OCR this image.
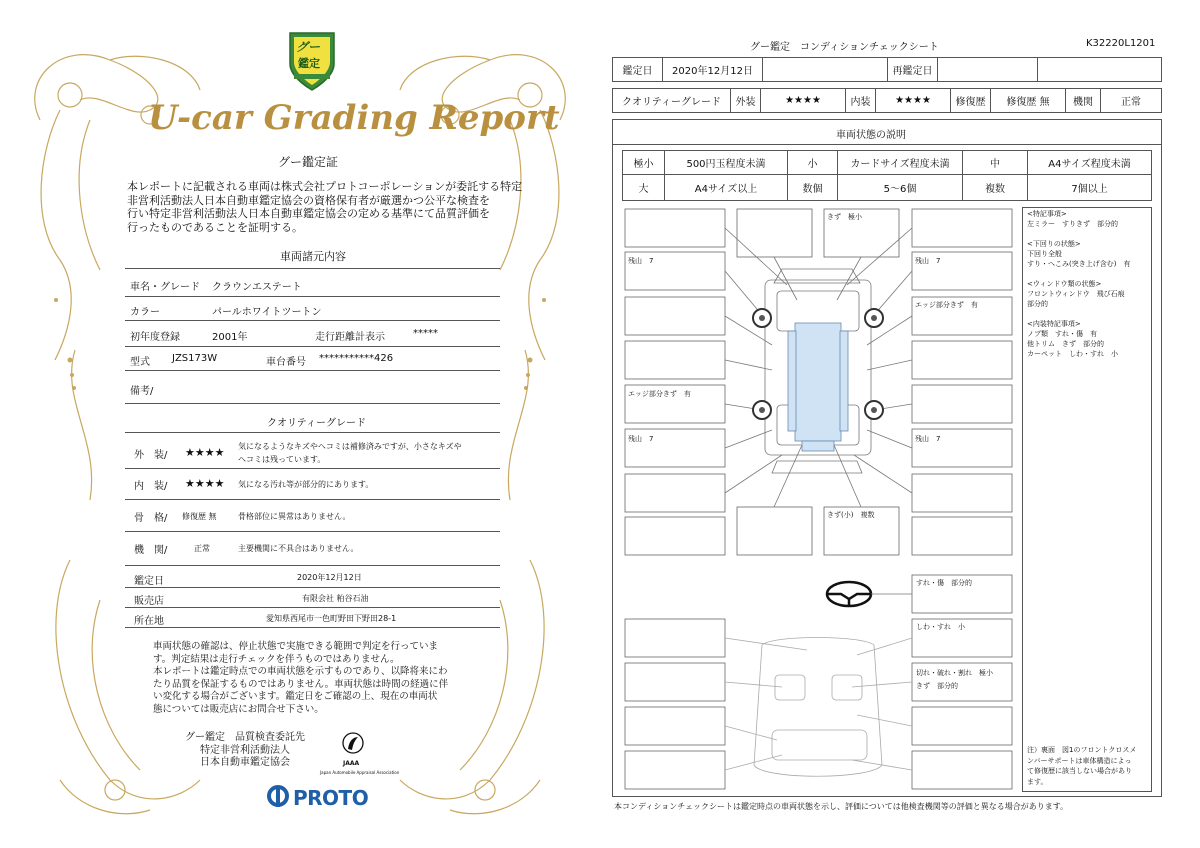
グー
鑑定
U-car Grading Report
グー鑑定証
本レポートに記載される車両は株式会社プロトコーポレーションが委託する特定
非営利活動法人日本自動車鑑定協会の資格保有者が厳選かつ公平な検査を
行い特定非営利活動法人日本自動車鑑定協会の定める基準にて品質評価を
行ったものであることを証明する。
車両諸元内容
車名・グレード クラウンエステート
カラー	パールホワイトツートン
初年度登録	2001年	走行距離計表示	*****
型式 JZS173W	車台番号 ***********426
備考/
クオリティーグレード
外　装/ ★★★★ 気になるようなキズやヘコミは補修済みですが、小さなキズや
ヘコミは残っています。
内　装/ ★★★★ 気になる汚れ等が部分的にあります。
骨　格/ 修復歴 無	骨格部位に異常はありません。
機　関/	正常	主要機関に不具合はありません。
鑑定日	2020年12月12日
販売店	有限会社 粕谷石油
所在地	愛知県西尾市一色町野田下野田28-1
車両状態の確認は、停止状態で実施できる範囲で判定を行っていま
す。判定結果は走行チェックを伴うものではありません。
本レポートは鑑定時点での車両状態を示すものであり、以降将来にわ
たり品質を保証するものではありません。車両状態は時間の経過に伴
い変化する場合がございます。鑑定日をご確認の上、現在の車両状
態については販売店にお問合せ下さい。
グー鑑定　品質検査委託先
特定非営利活動法人
日本自動車鑑定協会	JAAA
Japan Automobile Appraisal Association
PROTO
グー鑑定　コンディションチェックシート	K32220L1201
鑑定日	2020年12月12日	再鑑定日
クオリティーグレード	外装	★★★★	内装	★★★★	修復歴	修復歴 無	機関	正常
車両状態の説明
極小	500円玉程度未満	小	カードサイズ程度未満	中	A4サイズ程度未満
大	A4サイズ以上	数個	5～6個	複数	7個以上
きず　極小
残山　7	残山　7
エッジ部分きず　有
エッジ部分きず　有
残山　7	残山　7
きず(小)　複数
すれ・傷　部分的
しわ・すれ　小
切れ・破れ・割れ　極小
きず　部分的
<特記事項>
左ミラー　すりきず　部分的
<下回りの状態>
下回り全般
すり・へこみ(突き上げ含む)　有
<ウィンドウ類の状態>
フロントウィンドウ　飛び石痕
部分的
<内装特記事項>
ノブ類　すれ・傷　有
他トリム　きず　部分的
カーペット　しわ・すれ　小
注）裏面　図1のフロントクロスメ
ンバーサポートは車体構造によっ
て修復歴に該当しない場合があり
ます。
本コンディションチェックシートは鑑定時点の車両状態を示し、評価については他検査機関等の評価と異なる場合があります。
